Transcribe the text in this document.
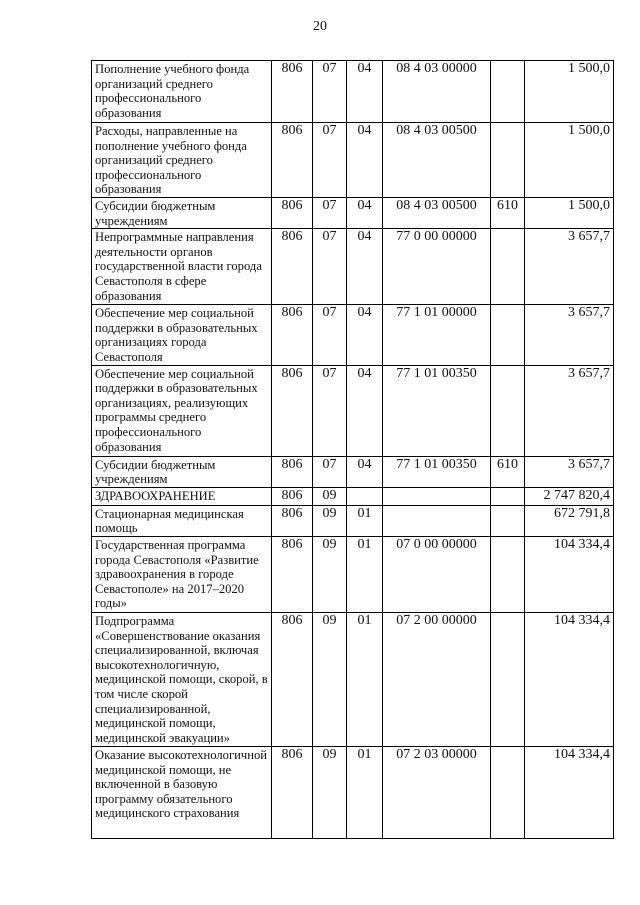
20
Пополнение учебного фонда организаций среднего профессионального образования	806	07	04	08 4 03 00000		1 500,0
Расходы, направленные на пополнение учебного фонда организаций среднего профессионального образования	806	07	04	08 4 03 00500		1 500,0
Субсидии бюджетным учреждениям	806	07	04	08 4 03 00500	610	1 500,0
Непрограммные направления деятельности органов государственной власти города Севастополя в сфере образования	806	07	04	77 0 00 00000		3 657,7
Обеспечение мер социальной поддержки в образовательных организациях города Севастополя	806	07	04	77 1 01 00000		3 657,7
Обеспечение мер социальной поддержки в образовательных организациях, реализующих программы среднего профессионального образования	806	07	04	77 1 01 00350		3 657,7
Субсидии бюджетным учреждениям	806	07	04	77 1 01 00350	610	3 657,7
ЗДРАВООХРАНЕНИЕ	806	09				2 747 820,4
Стационарная медицинская помощь	806	09	01			672 791,8
Государственная программа города Севастополя «Развитие здравоохранения в городе Севастополе» на 2017–2020 годы»	806	09	01	07 0 00 00000		104 334,4
Подпрограмма «Совершенствование оказания специализированной, включая высокотехнологичную, медицинской помощи, скорой, в том числе скорой специализированной, медицинской помощи, медицинской эвакуации»	806	09	01	07 2 00 00000		104 334,4
Оказание высокотехнологичной медицинской помощи, не включенной в базовую программу обязательного медицинского страхования	806	09	01	07 2 03 00000		104 334,4
